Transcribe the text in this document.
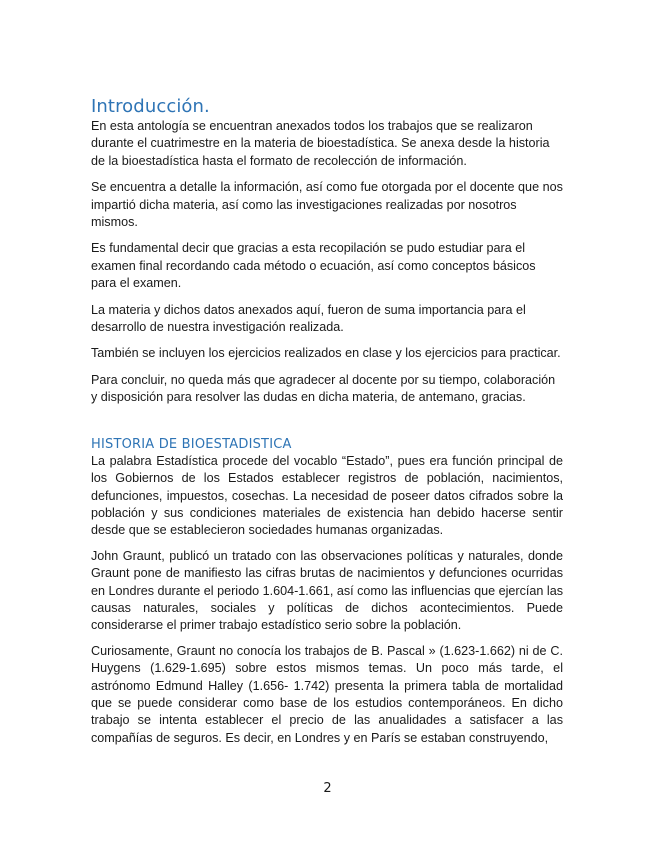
Introducción.

En esta antología se encuentran anexados todos los trabajos que se realizaron durante el cuatrimestre en la materia de bioestadística. Se anexa desde la historia de la bioestadística hasta el formato de recolección de información.

Se encuentra a detalle la información, así como fue otorgada por el docente que nos impartió dicha materia, así como las investigaciones realizadas por nosotros mismos.

Es fundamental decir que gracias a esta recopilación se pudo estudiar para el examen final recordando cada método o ecuación, así como conceptos básicos para el examen.

La materia y dichos datos anexados aquí, fueron de suma importancia para el desarrollo de nuestra investigación realizada.

También se incluyen los ejercicios realizados en clase y los ejercicios para practicar.

Para concluir, no queda más que agradecer al docente por su tiempo, colaboración y disposición para resolver las dudas en dicha materia, de antemano, gracias.

HISTORIA DE BIOESTADISTICA

La palabra Estadística procede del vocablo “Estado”, pues era función principal de los Gobiernos de los Estados establecer registros de población, nacimientos, defunciones, impuestos, cosechas. La necesidad de poseer datos cifrados sobre la población y sus condiciones materiales de existencia han debido hacerse sentir desde que se establecieron sociedades humanas organizadas.

John Graunt, publicó un tratado con las observaciones políticas y naturales, donde Graunt pone de manifiesto las cifras brutas de nacimientos y defunciones ocurridas en Londres durante el periodo 1.604-1.661, así como las influencias que ejercían las causas naturales, sociales y políticas de dichos acontecimientos. Puede considerarse el primer trabajo estadístico serio sobre la población.

Curiosamente, Graunt no conocía los trabajos de B. Pascal » (1.623-1.662) ni de C. Huygens (1.629-1.695) sobre estos mismos temas. Un poco más tarde, el astrónomo Edmund Halley (1.656- 1.742) presenta la primera tabla de mortalidad que se puede considerar como base de los estudios contemporáneos. En dicho trabajo se intenta establecer el precio de las anualidades a satisfacer a las compañías de seguros. Es decir, en Londres y en París se estaban construyendo,

2
